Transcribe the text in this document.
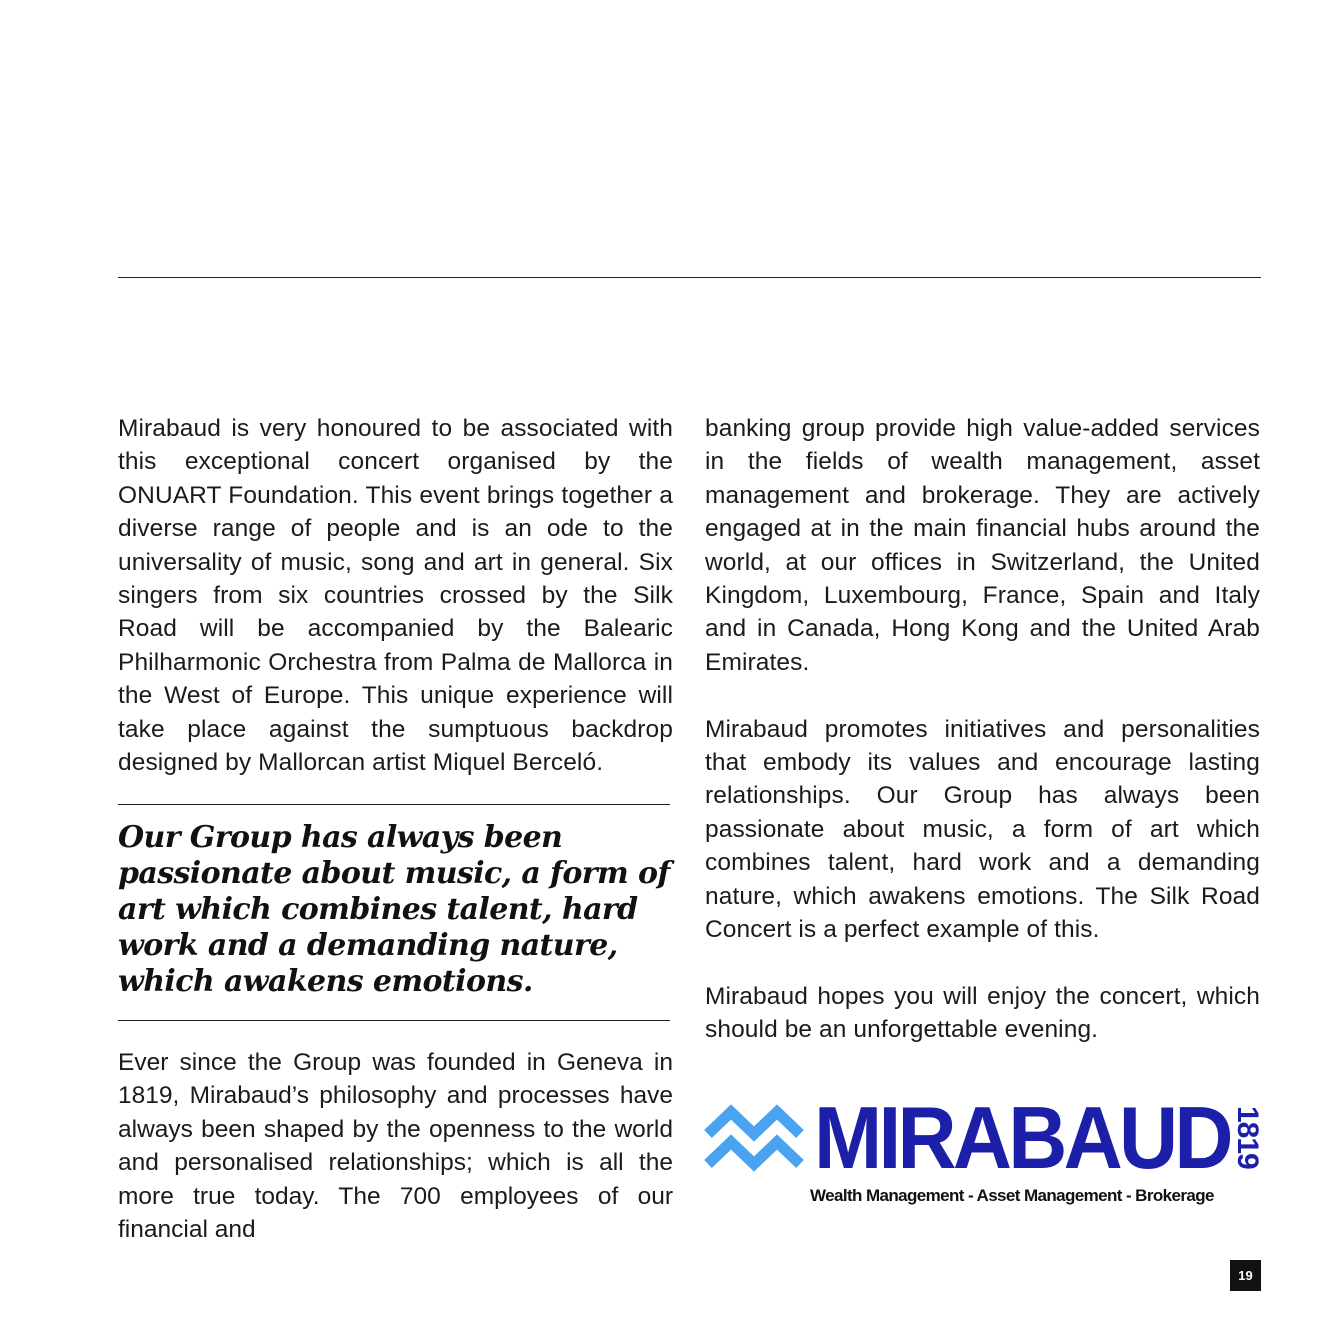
Mirabaud is very honoured to be associated with this exceptional concert organised by the ONUART Foundation. This event brings together a diverse range of people and is an ode to the universality of music, song and art in general. Six singers from six countries crossed by the Silk Road will be accompanied by the Balearic Philharmonic Orchestra from Palma de Mallorca in the West of Europe. This unique experience will take place against the sumptuous backdrop designed by Mallorcan artist Miquel Berceló.

Our Group has always been passionate about music, a form of art which combines talent, hard work and a demanding nature, which awakens emotions.

Ever since the Group was founded in Geneva in 1819, Mirabaud’s philosophy and processes have always been shaped by the openness to the world and personalised relationships; which is all the more true today. The 700 employees of our financial and

banking group provide high value-added services in the fields of wealth management, asset management and brokerage. They are actively engaged at in the main financial hubs around the world, at our offices in Switzerland, the United Kingdom, Luxembourg, France, Spain and Italy and in Canada, Hong Kong and the United Arab Emirates.

Mirabaud promotes initiatives and personalities that embody its values and encourage lasting relationships. Our Group has always been passionate about music, a form of art which combines talent, hard work and a demanding nature, which awakens emotions. The Silk Road Concert is a perfect example of this.

Mirabaud hopes you will enjoy the concert, which should be an unforgettable evening.

MIRABAUD 1819
Wealth Management - Asset Management - Brokerage
19
